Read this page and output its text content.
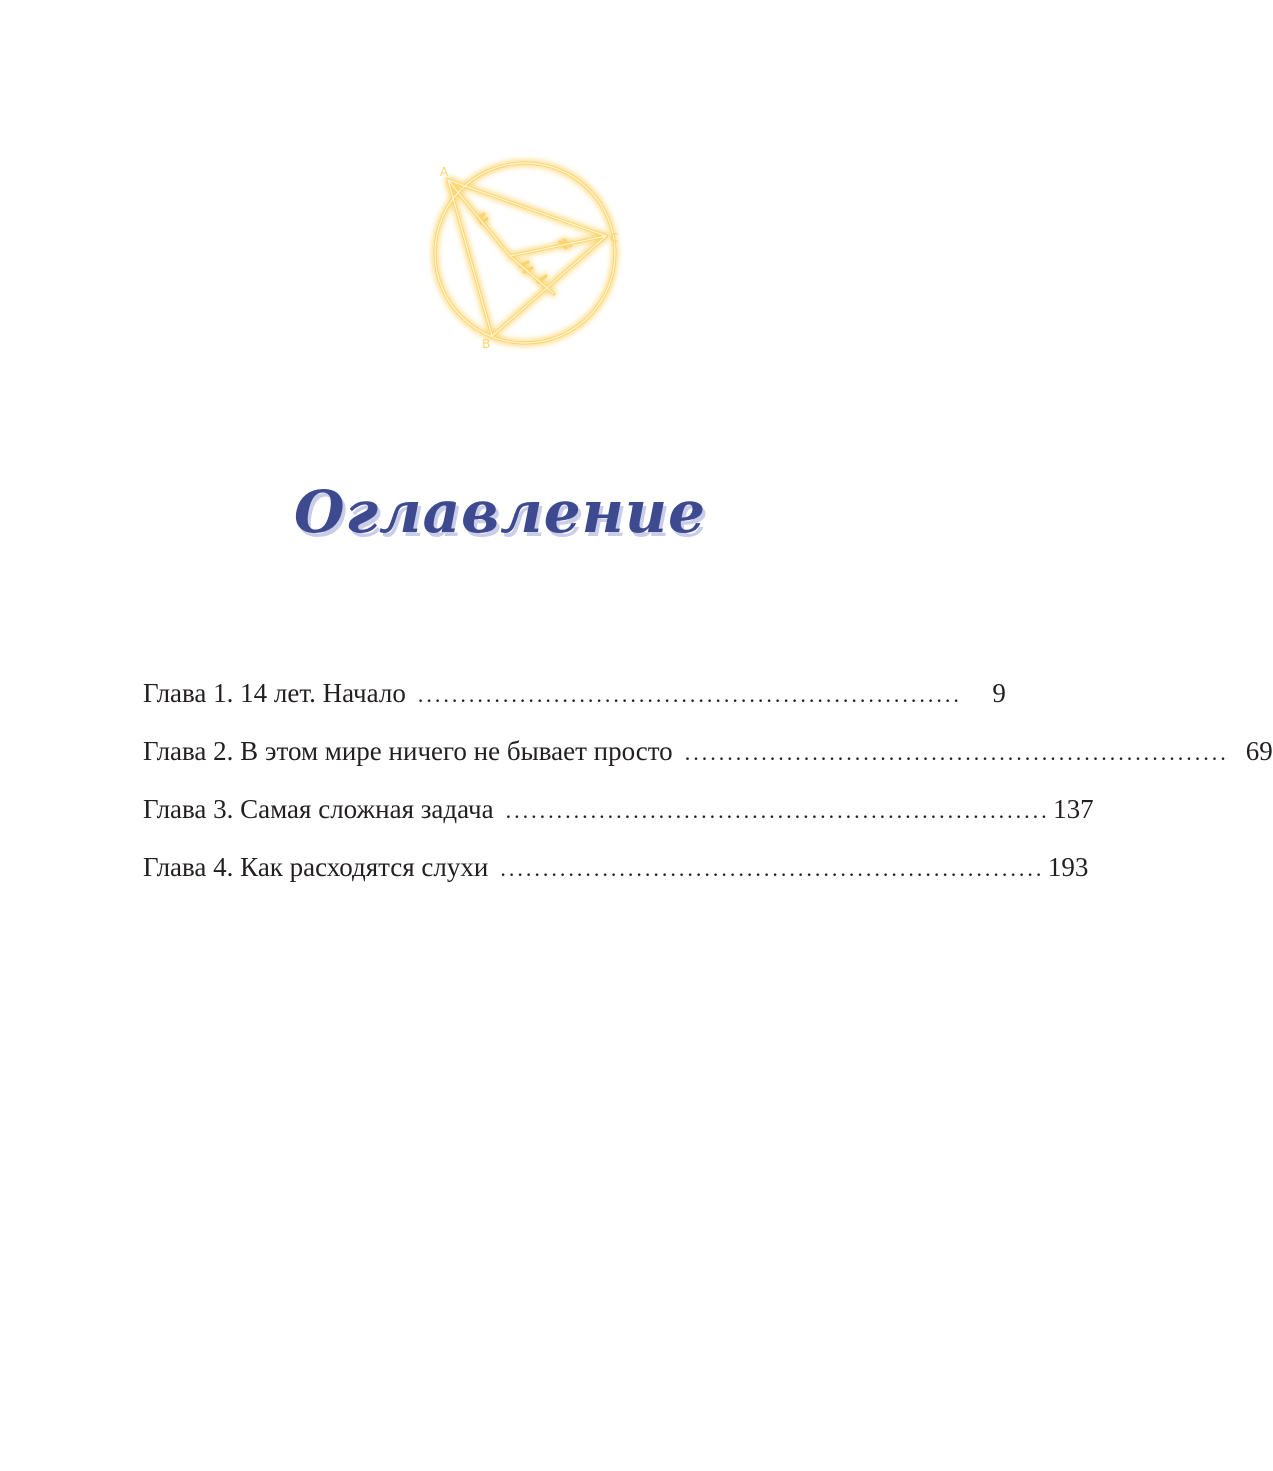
A
B
C
Оглавление
Глава 1. 14 лет. Начало ................................................................	9
Глава 2. В этом мире ничего не бывает просто ................................................................ 69
Глава 3. Самая сложная задача ................................................................ 137
Глава 4. Как расходятся слухи ................................................................ 193
